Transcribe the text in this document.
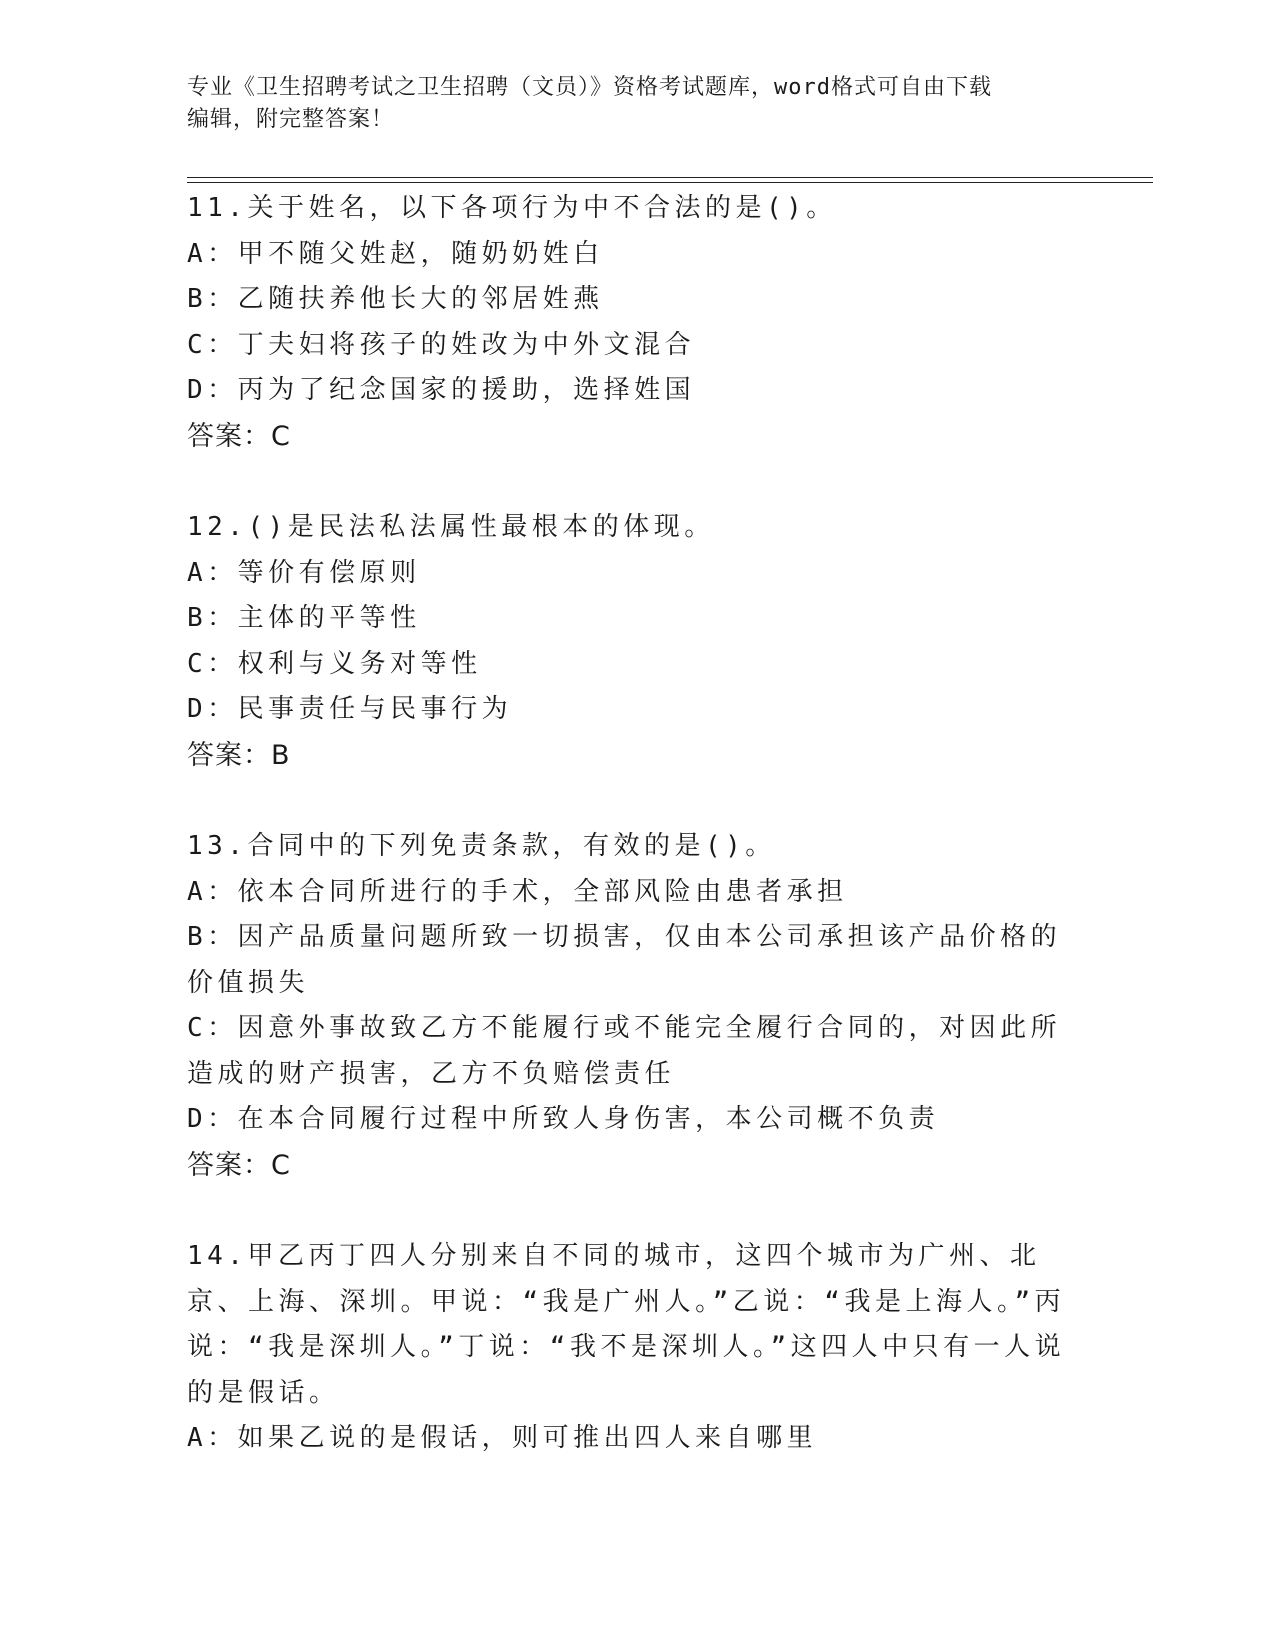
专业《卫生招聘考试之卫生招聘（文员）》资格考试题库，word格式可自由下载
编辑，附完整答案！
11.关于姓名，以下各项行为中不合法的是()。
A：甲不随父姓赵，随奶奶姓白
B：乙随扶养他长大的邻居姓燕
C：丁夫妇将孩子的姓改为中外文混合
D：丙为了纪念国家的援助，选择姓国
答案：C
12.()是民法私法属性最根本的体现。
A：等价有偿原则
B：主体的平等性
C：权利与义务对等性
D：民事责任与民事行为
答案：B
13.合同中的下列免责条款，有效的是()。
A：依本合同所进行的手术，全部风险由患者承担
B：因产品质量问题所致一切损害，仅由本公司承担该产品价格的价值损失
C：因意外事故致乙方不能履行或不能完全履行合同的，对因此所造成的财产损害，乙方不负赔偿责任
D：在本合同履行过程中所致人身伤害，本公司概不负责
答案：C
14.甲乙丙丁四人分别来自不同的城市，这四个城市为广州、北京、上海、深圳。甲说：“我是广州人。”乙说：“我是上海人。”丙说：“我是深圳人。”丁说：“我不是深圳人。”这四人中只有一人说的是假话。
A：如果乙说的是假话，则可推出四人来自哪里
